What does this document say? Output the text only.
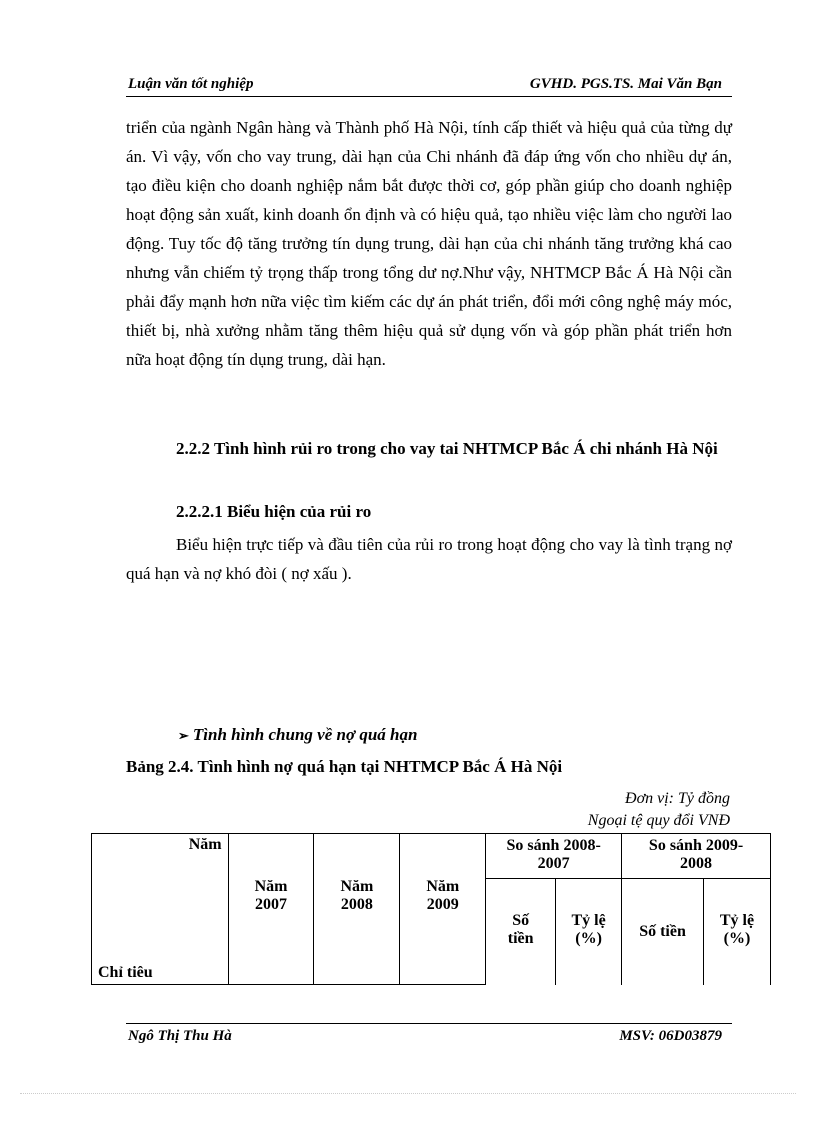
Luận văn tốt nghiệp	GVHD. PGS.TS. Mai Văn Bạn
triển của ngành Ngân hàng và Thành phố Hà Nội, tính cấp thiết và hiệu quả của từng dự án. Vì vậy, vốn cho vay trung, dài hạn của Chi nhánh đã đáp ứng vốn cho nhiều dự án, tạo điều kiện cho doanh nghiệp nắm bắt được thời cơ, góp phần giúp cho doanh nghiệp hoạt động sản xuất, kinh doanh ổn định và có hiệu quả, tạo nhiều việc làm cho người lao động. Tuy tốc độ tăng trưởng tín dụng trung, dài hạn của chi nhánh tăng trưởng khá cao nhưng vẫn chiếm tỷ trọng thấp trong tổng dư nợ.Như vậy, NHTMCP Bắc Á Hà Nội cần phải đẩy mạnh hơn nữa việc tìm kiếm các dự án phát triển, đổi mới công nghệ máy móc, thiết bị, nhà xưởng nhằm tăng thêm hiệu quả sử dụng vốn và góp phần phát triển hơn nữa hoạt động tín dụng trung, dài hạn.
2.2.2 Tình hình rủi ro trong cho vay tai NHTMCP Bắc Á chi nhánh Hà Nội
2.2.2.1 Biểu hiện của rủi ro
Biểu hiện trực tiếp và đầu tiên của rủi ro trong hoạt động cho vay là tình trạng nợ quá hạn và nợ khó đòi ( nợ xấu ).
➢ Tình hình chung về nợ quá hạn
Bảng 2.4. Tình hình nợ quá hạn tại NHTMCP Bắc Á Hà Nội
Đơn vị: Tỷ đồng
Ngoại tệ quy đổi VNĐ
Năm
Chỉ tiêu	Năm 2007	Năm 2008	Năm 2009	So sánh 2008-2007		So sánh 2009-2008	

				Số tiền	Tỷ lệ (%)	Số tiền	Tỷ lệ (%)
Ngô Thị Thu Hà	MSV: 06D03879
